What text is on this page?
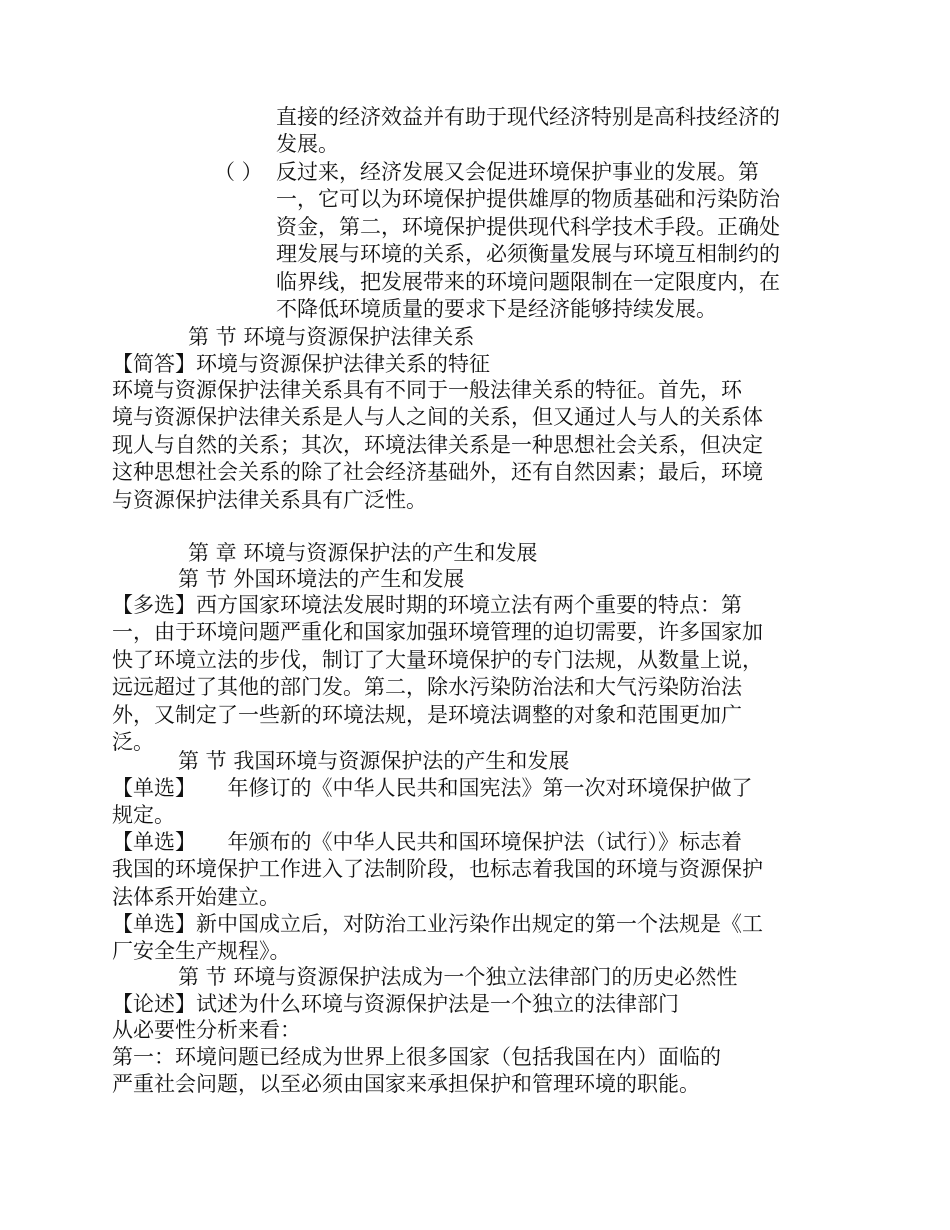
直接的经济效益并有助于现代经济特别是高科技经济的
发展。
（ ） 反过来，经济发展又会促进环境保护事业的发展。第
一，它可以为环境保护提供雄厚的物质基础和污染防治
资金，第二，环境保护提供现代科学技术手段。正确处
理发展与环境的关系，必须衡量发展与环境互相制约的
临界线，把发展带来的环境问题限制在一定限度内，在
不降低环境质量的要求下是经济能够持续发展。
第 节 环境与资源保护法律关系
【简答】环境与资源保护法律关系的特征
环境与资源保护法律关系具有不同于一般法律关系的特征。首先，环
境与资源保护法律关系是人与人之间的关系，但又通过人与人的关系体
现人与自然的关系；其次，环境法律关系是一种思想社会关系，但决定
这种思想社会关系的除了社会经济基础外，还有自然因素；最后，环境
与资源保护法律关系具有广泛性。
第 章 环境与资源保护法的产生和发展
第 节 外国环境法的产生和发展
【多选】西方国家环境法发展时期的环境立法有两个重要的特点：第
一，由于环境问题严重化和国家加强环境管理的迫切需要，许多国家加
快了环境立法的步伐，制订了大量环境保护的专门法规，从数量上说，
远远超过了其他的部门发。第二，除水污染防治法和大气污染防治法
外，又制定了一些新的环境法规，是环境法调整的对象和范围更加广
泛。
第 节 我国环境与资源保护法的产生和发展
【单选】　　年修订的《中华人民共和国宪法》第一次对环境保护做了
规定。
【单选】　　年颁布的《中华人民共和国环境保护法（试行）》标志着
我国的环境保护工作进入了法制阶段，也标志着我国的环境与资源保护
法体系开始建立。
【单选】新中国成立后，对防治工业污染作出规定的第一个法规是《工
厂安全生产规程》。
第 节 环境与资源保护法成为一个独立法律部门的历史必然性
【论述】试述为什么环境与资源保护法是一个独立的法律部门
从必要性分析来看：
第一：环境问题已经成为世界上很多国家（包括我国在内）面临的
严重社会问题，以至必须由国家来承担保护和管理环境的职能。
